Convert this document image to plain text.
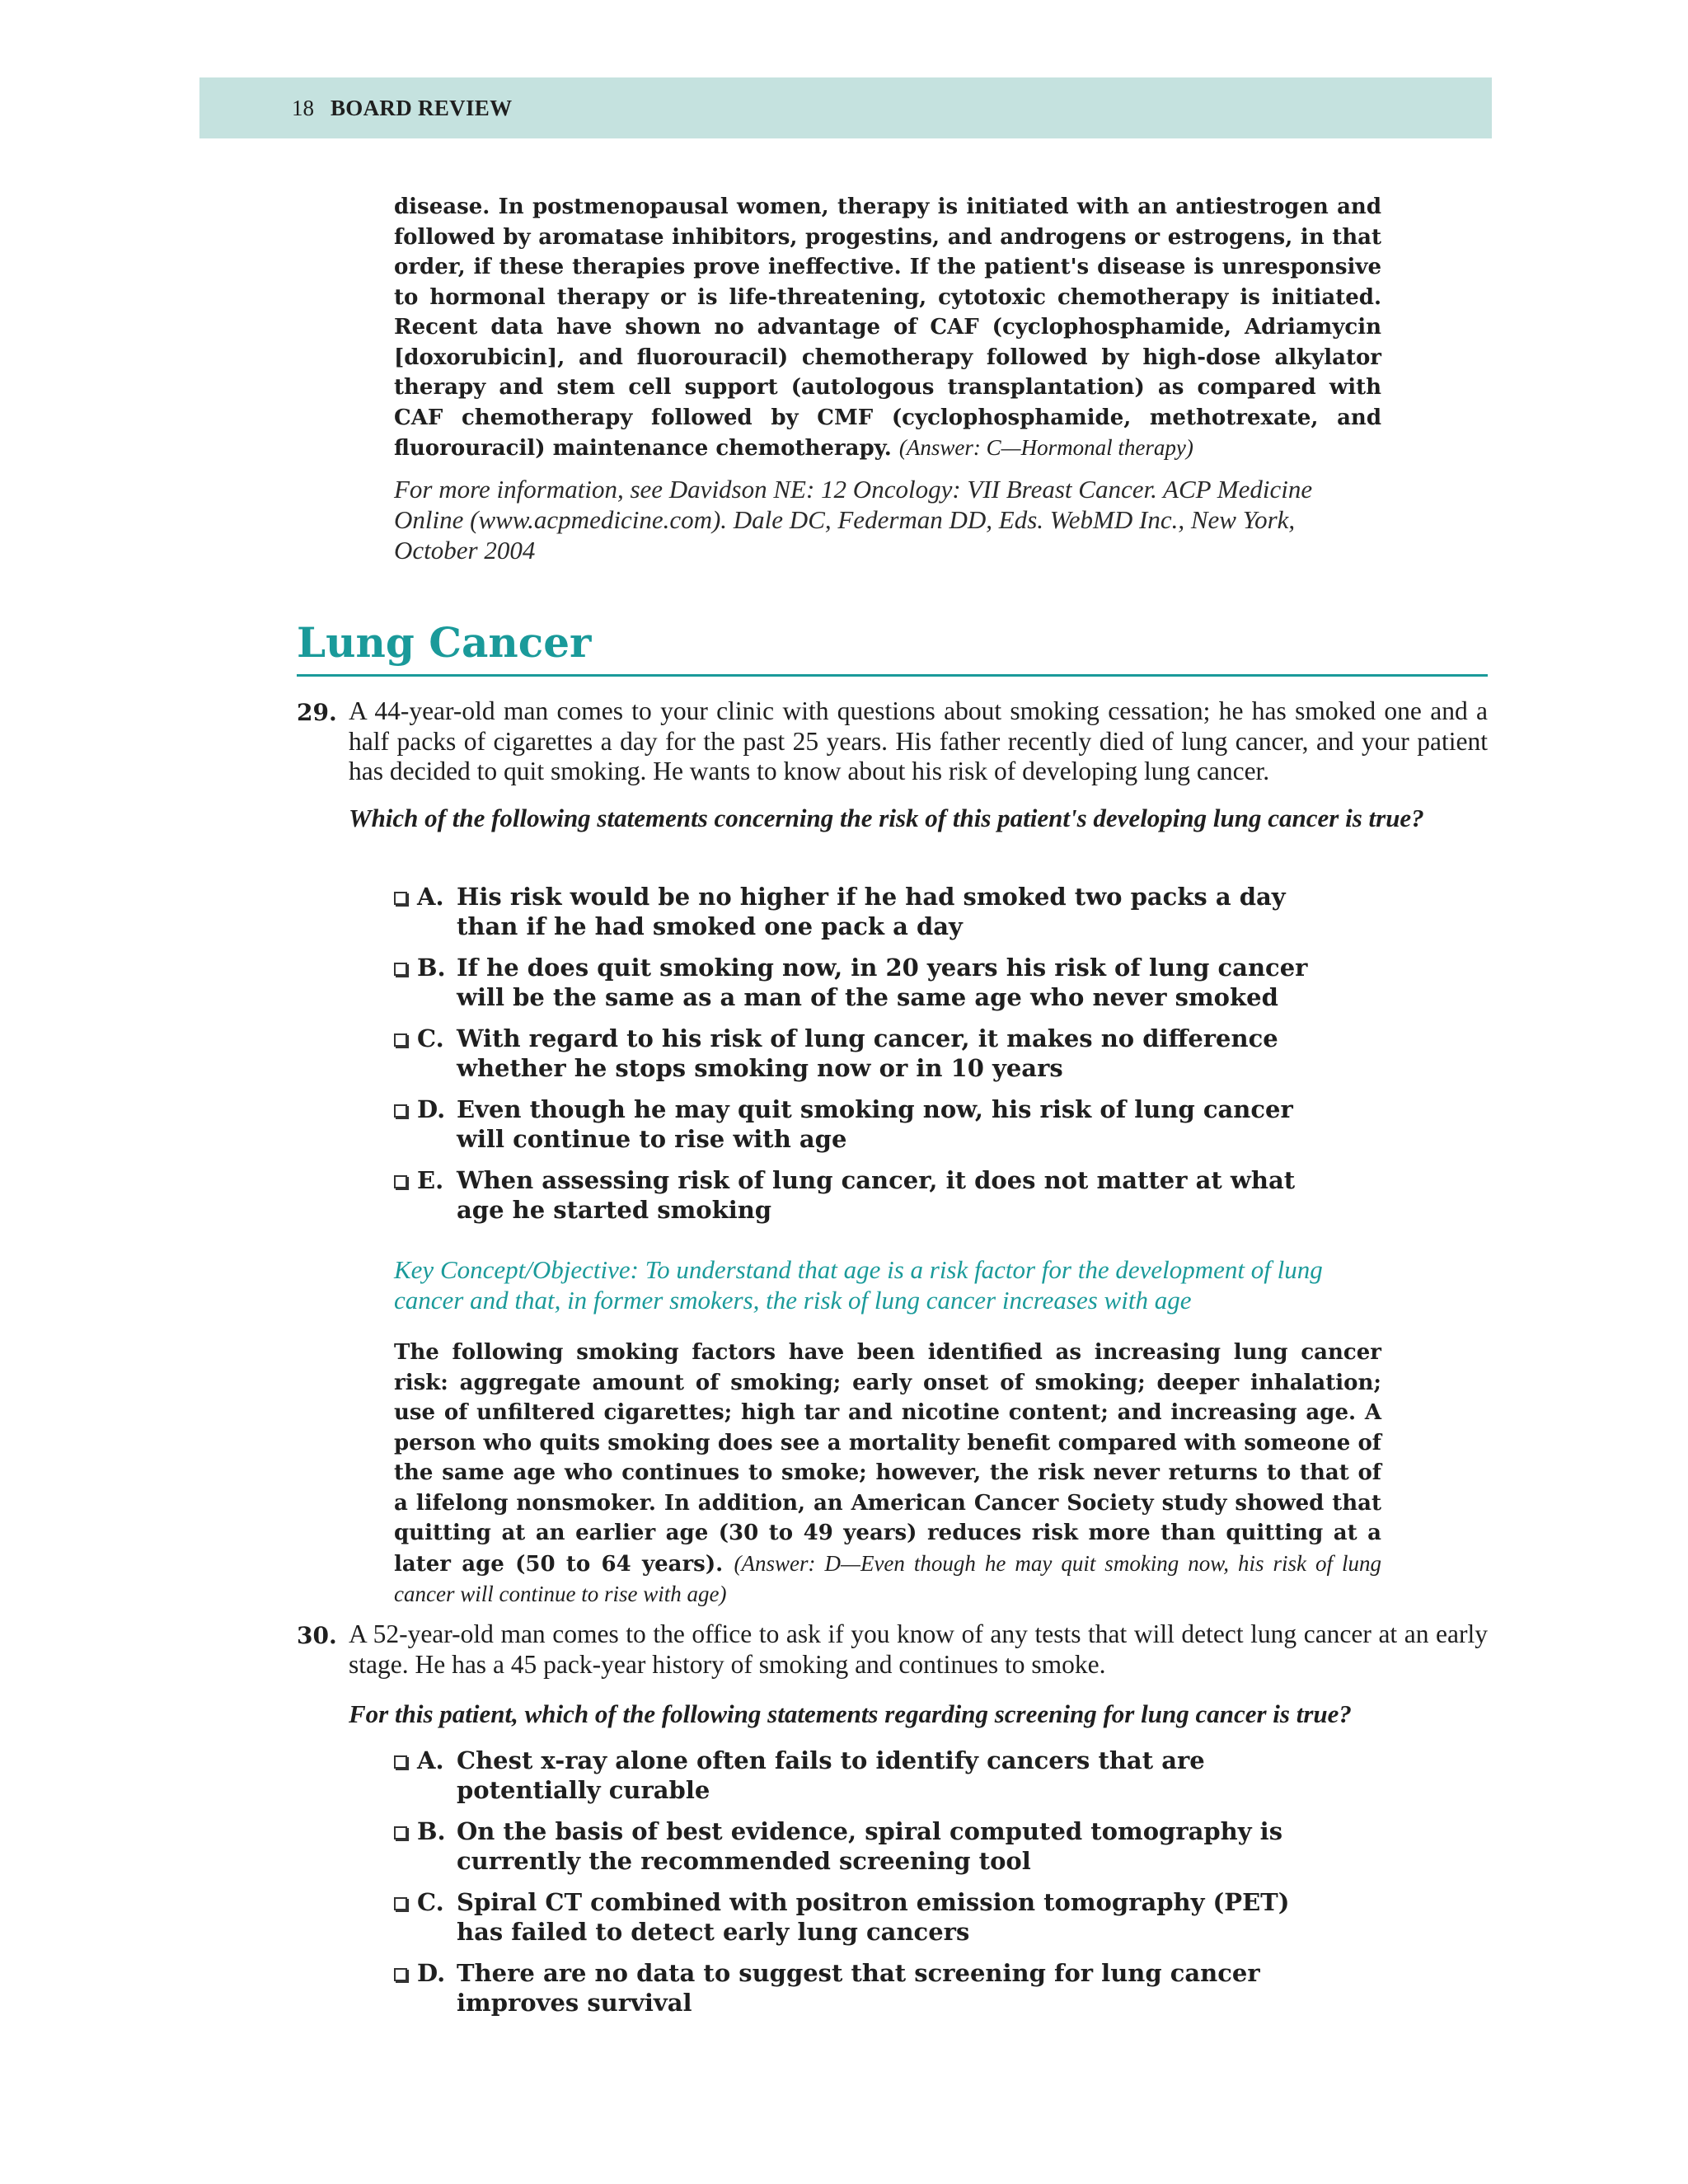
18 BOARD REVIEW

disease. In postmenopausal women, therapy is initiated with an antiestrogen and followed by aromatase inhibitors, progestins, and androgens or estrogens, in that order, if these therapies prove ineffective. If the patient's disease is unresponsive to hormonal therapy or is life-threatening, cytotoxic chemotherapy is initiated. Recent data have shown no advantage of CAF (cyclophosphamide, Adriamycin [doxorubicin], and fluorouracil) chemotherapy followed by high-dose alkylator therapy and stem cell support (autologous transplantation) as compared with CAF chemotherapy followed by CMF (cyclophosphamide, methotrexate, and fluorouracil) maintenance chemotherapy. (Answer: C—Hormonal therapy)

For more information, see Davidson NE: 12 Oncology: VII Breast Cancer. ACP Medicine

Online (www.acpmedicine.com). Dale DC, Federman DD, Eds. WebMD Inc., New York,

October 2004

Lung Cancer
29. A 44-year-old man comes to your clinic with questions about smoking cessation; he has smoked one and a half packs of cigarettes a day for the past 25 years. His father recently died of lung cancer, and your patient has decided to quit smoking. He wants to know about his risk of developing lung cancer.

Which of the following statements concerning the risk of this patient's developing lung cancer is true?

A. His risk would be no higher if he had smoked two packs a day than if he had smoked one pack a day
B. If he does quit smoking now, in 20 years his risk of lung cancer will be the same as a man of the same age who never smoked
C. With regard to his risk of lung cancer, it makes no difference whether he stops smoking now or in 10 years
D. Even though he may quit smoking now, his risk of lung cancer will continue to rise with age
E. When assessing risk of lung cancer, it does not matter at what age he started smoking

Key Concept/Objective: To understand that age is a risk factor for the development of lung cancer and that, in former smokers, the risk of lung cancer increases with age

The following smoking factors have been identified as increasing lung cancer risk: aggregate amount of smoking; early onset of smoking; deeper inhalation; use of unfiltered cigarettes; high tar and nicotine content; and increasing age. A person who quits smoking does see a mortality benefit compared with someone of the same age who continues to smoke; however, the risk never returns to that of a lifelong nonsmoker. In addition, an American Cancer Society study showed that quitting at an earlier age (30 to 49 years) reduces risk more than quitting at a later age (50 to 64 years). (Answer: D—Even though he may quit smoking now, his risk of lung cancer will continue to rise with age)

30. A 52-year-old man comes to the office to ask if you know of any tests that will detect lung cancer at an early stage. He has a 45 pack-year history of smoking and continues to smoke.

For this patient, which of the following statements regarding screening for lung cancer is true?

A. Chest x-ray alone often fails to identify cancers that are potentially curable
B. On the basis of best evidence, spiral computed tomography is currently the recommended screening tool
C. Spiral CT combined with positron emission tomography (PET) has failed to detect early lung cancers
D. There are no data to suggest that screening for lung cancer improves survival
